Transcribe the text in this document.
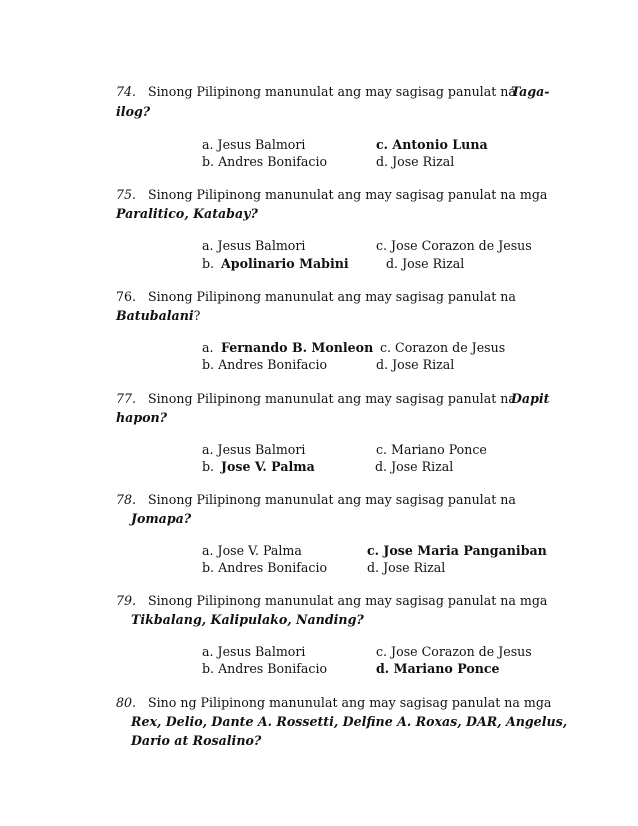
74. Sinong Pilipinong manunulat ang may sagisag panulat na
Taga-
ilog?
a. Jesus Balmori	c. Antonio Luna
b. Andres Bonifacio	d. Jose Rizal
75. Sinong Pilipinong manunulat ang may sagisag panulat na mga
Paralitico, Katabay?
a. Jesus Balmori	c. Jose Corazon de Jesus
b. Apolinario Mabini	d. Jose Rizal
76. Sinong Pilipinong manunulat ang may sagisag panulat na
Batubalani?
a. Fernando B. Monleon c. Corazon de Jesus
b. Andres Bonifacio	d. Jose Rizal
77. Sinong Pilipinong manunulat ang may sagisag panulat na
Dapit
hapon?
a. Jesus Balmori	c. Mariano Ponce
b. Jose V. Palma	d. Jose Rizal
78. Sinong Pilipinong manunulat ang may sagisag panulat na
Jomapa?
a. Jose V. Palma	c. Jose Maria Panganiban
b. Andres Bonifacio	d. Jose Rizal
79. Sinong Pilipinong manunulat ang may sagisag panulat na mga
Tikbalang, Kalipulako, Nanding?
a. Jesus Balmori	c. Jose Corazon de Jesus
b. Andres Bonifacio	d. Mariano Ponce
80. Sino ng Pilipinong manunulat ang may sagisag panulat na mga
Rex, Delio, Dante A. Rossetti, Delfine A. Roxas, DAR, Angelus,
Dario at Rosalino?
